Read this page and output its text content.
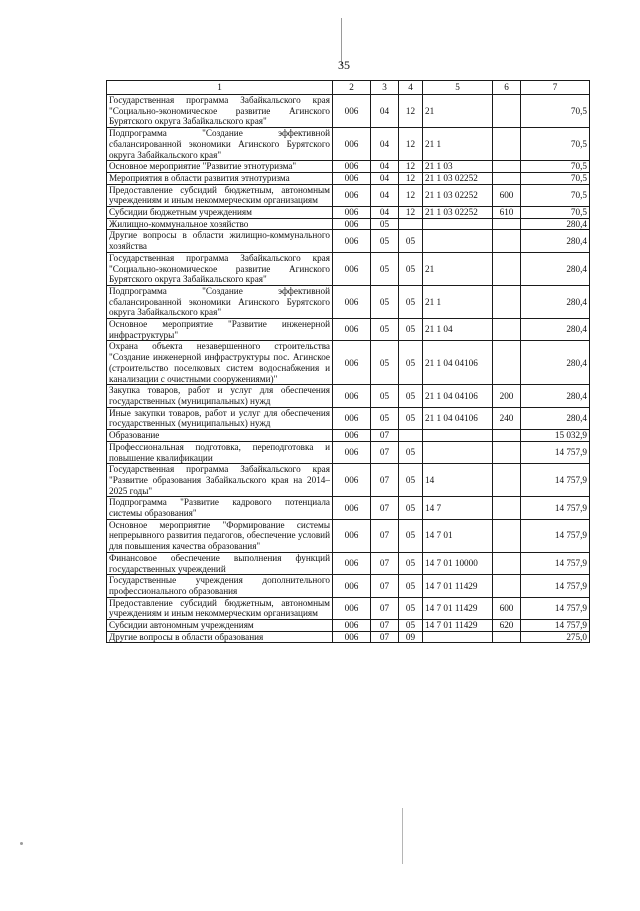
35
1	2	3	4	5	6	7
Государственная программа Забайкальского края "Социально-экономическое развитие Агинского Бурятского округа Забайкальского края"	006	04	12	21		70,5
Подпрограмма "Создание эффективной сбалансированной экономики Агинского Бурятского округа Забайкальского края"	006	04	12	21 1		70,5
Основное мероприятие "Развитие этнотуризма"	006	04	12	21 1 03		70,5
Мероприятия в области развития этнотуризма	006	04	12	21 1 03 02252		70,5
Предоставление субсидий бюджетным, автономным учреждениям и иным некоммерческим организациям	006	04	12	21 1 03 02252	600	70,5
Субсидии бюджетным учреждениям	006	04	12	21 1 03 02252	610	70,5
Жилищно-коммунальное хозяйство	006	05				280,4
Другие вопросы в области жилищно-коммунального хозяйства	006	05	05			280,4
Государственная программа Забайкальского края "Социально-экономическое развитие Агинского Бурятского округа Забайкальского края"	006	05	05	21		280,4
Подпрограмма "Создание эффективной сбалансированной экономики Агинского Бурятского округа Забайкальского края"	006	05	05	21 1		280,4
Основное мероприятие "Развитие инженерной инфраструктуры"	006	05	05	21 1 04		280,4
Охрана объекта незавершенного строительства "Создание инженерной инфраструктуры пос. Агинское (строительство поселковых систем водоснабжения и канализации с очистными сооружениями)"	006	05	05	21 1 04 04106		280,4
Закупка товаров, работ и услуг для обеспечения государственных (муниципальных) нужд	006	05	05	21 1 04 04106	200	280,4
Иные закупки товаров, работ и услуг для обеспечения государственных (муниципальных) нужд	006	05	05	21 1 04 04106	240	280,4
Образование	006	07				15 032,9
Профессиональная подготовка, переподготовка и повышение квалификации	006	07	05			14 757,9
Государственная программа Забайкальского края "Развитие образования Забайкальского края на 2014–2025 годы"	006	07	05	14		14 757,9
Подпрограмма "Развитие кадрового потенциала системы образования"	006	07	05	14 7		14 757,9
Основное мероприятие "Формирование системы непрерывного развития педагогов, обеспечение условий для повышения качества образования"	006	07	05	14 7 01		14 757,9
Финансовое обеспечение выполнения функций государственных учреждений	006	07	05	14 7 01 10000		14 757,9
Государственные учреждения дополнительного профессионального образования	006	07	05	14 7 01 11429		14 757,9
Предоставление субсидий бюджетным, автономным учреждениям и иным некоммерческим организациям	006	07	05	14 7 01 11429	600	14 757,9
Субсидии автономным учреждениям	006	07	05	14 7 01 11429	620	14 757,9
Другие вопросы в области образования	006	07	09			275,0
